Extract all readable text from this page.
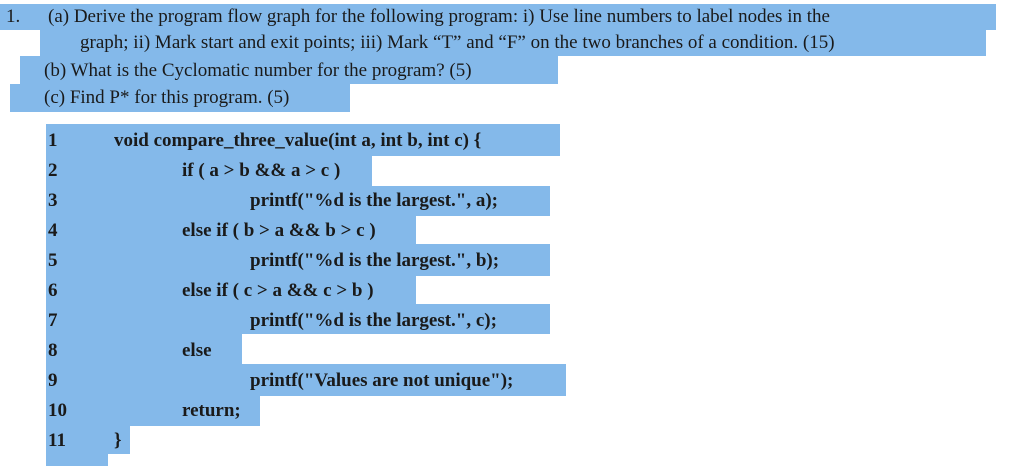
1. (a) Derive the program flow graph for the following program: i) Use line numbers to label nodes in the
graph; ii) Mark start and exit points; iii) Mark “T” and “F” on the two branches of a condition. (15)
(b) What is the Cyclomatic number for the program? (5)
(c) Find P* for this program. (5)
1
2
3
4
5
6
7
8
9
10
11
void compare_three_value(int a, int b, int c) {
if ( a > b && a > c )
printf("%d is the largest.", a);
else if ( b > a && b > c )
printf("%d is the largest.", b);
else if ( c > a && c > b )
printf("%d is the largest.", c);
else
printf("Values are not unique");
return;
}
